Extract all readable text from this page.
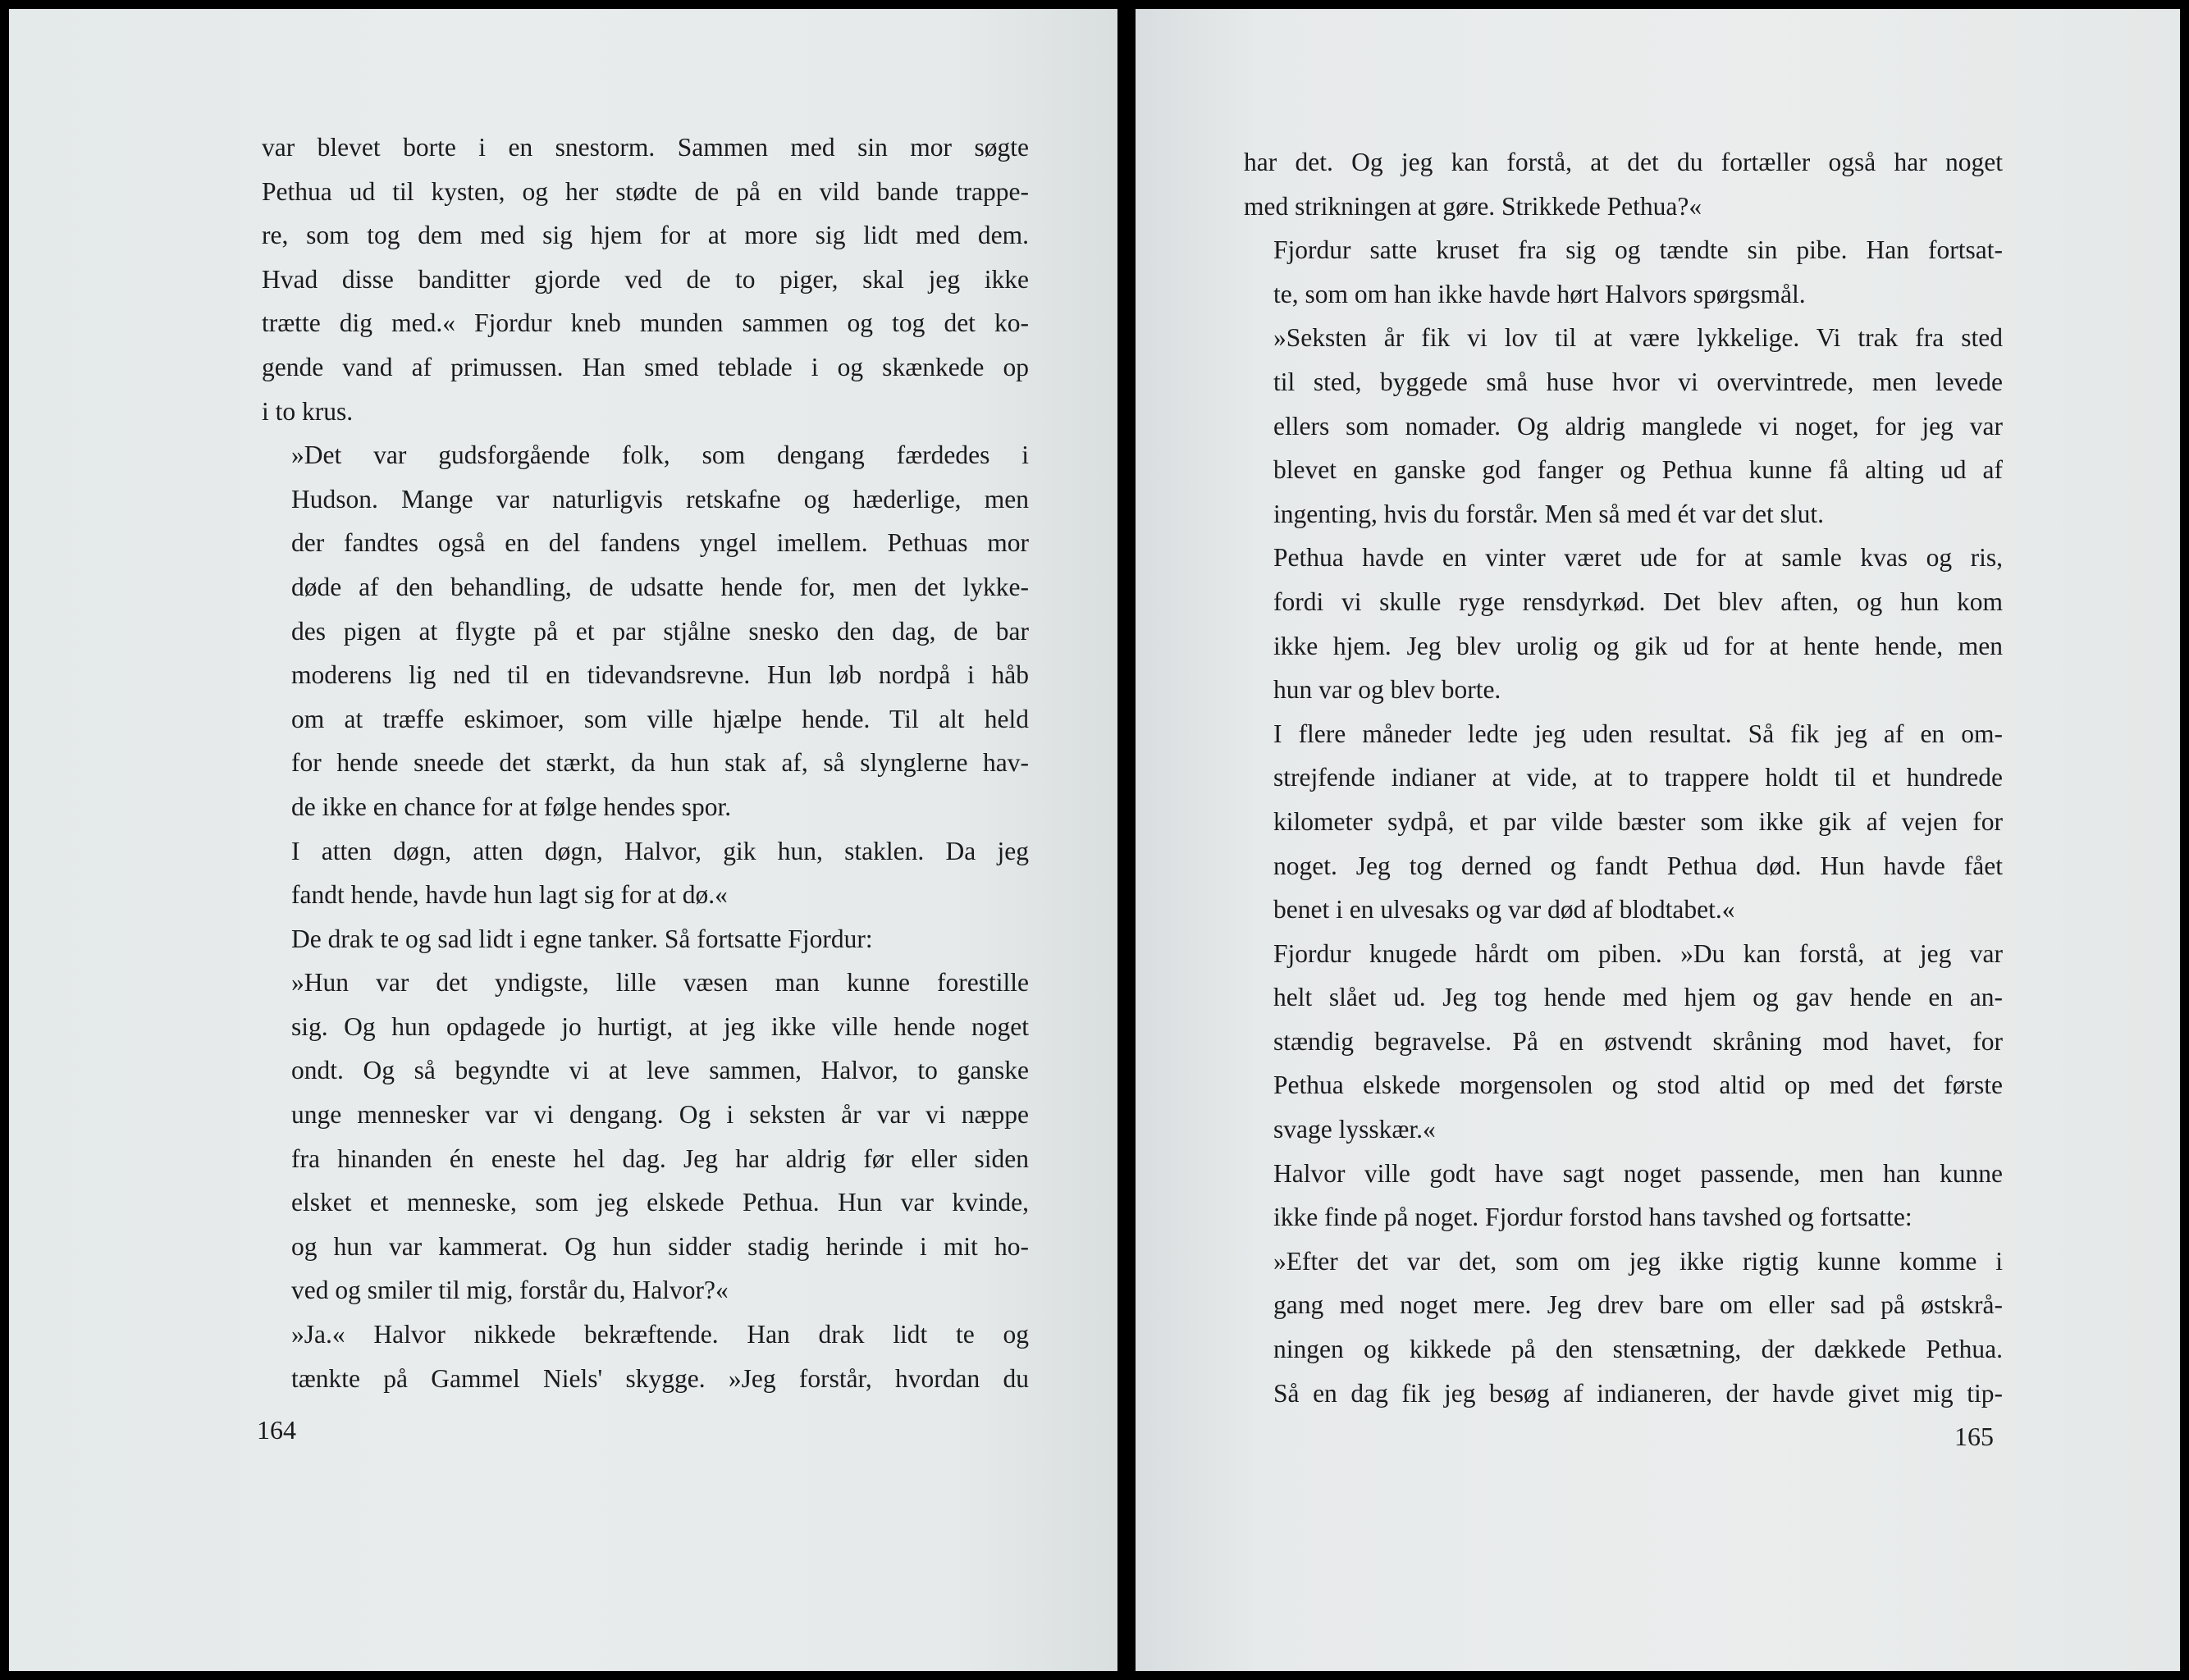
var blevet borte i en snestorm. Sammen med sin mor søgte
Pethua ud til kysten, og her stødte de på en vild bande trappe-
re, som tog dem med sig hjem for at more sig lidt med dem.
Hvad disse banditter gjorde ved de to piger, skal jeg ikke
trætte dig med.« Fjordur kneb munden sammen og tog det ko-
gende vand af primussen. Han smed teblade i og skænkede op
i to krus.

»Det var gudsforgående folk, som dengang færdedes i
Hudson. Mange var naturligvis retskafne og hæderlige, men
der fandtes også en del fandens yngel imellem. Pethuas mor
døde af den behandling, de udsatte hende for, men det lykke-
des pigen at flygte på et par stjålne snesko den dag, de bar
moderens lig ned til en tidevandsrevne. Hun løb nordpå i håb
om at træffe eskimoer, som ville hjælpe hende. Til alt held
for hende sneede det stærkt, da hun stak af, så slynglerne hav-
de ikke en chance for at følge hendes spor.

I atten døgn, atten døgn, Halvor, gik hun, staklen. Da jeg
fandt hende, havde hun lagt sig for at dø.«

De drak te og sad lidt i egne tanker. Så fortsatte Fjordur:

»Hun var det yndigste, lille væsen man kunne forestille
sig. Og hun opdagede jo hurtigt, at jeg ikke ville hende noget
ondt. Og så begyndte vi at leve sammen, Halvor, to ganske
unge mennesker var vi dengang. Og i seksten år var vi næppe
fra hinanden én eneste hel dag. Jeg har aldrig før eller siden
elsket et menneske, som jeg elskede Pethua. Hun var kvinde,
og hun var kammerat. Og hun sidder stadig herinde i mit ho-
ved og smiler til mig, forstår du, Halvor?«

»Ja.« Halvor nikkede bekræftende. Han drak lidt te og
tænkte på Gammel Niels' skygge. »Jeg forstår, hvordan du

164

har det. Og jeg kan forstå, at det du fortæller også har noget
med strikningen at gøre. Strikkede Pethua?«

Fjordur satte kruset fra sig og tændte sin pibe. Han fortsat-
te, som om han ikke havde hørt Halvors spørgsmål.

»Seksten år fik vi lov til at være lykkelige. Vi trak fra sted
til sted, byggede små huse hvor vi overvintrede, men levede
ellers som nomader. Og aldrig manglede vi noget, for jeg var
blevet en ganske god fanger og Pethua kunne få alting ud af
ingenting, hvis du forstår. Men så med ét var det slut.

Pethua havde en vinter været ude for at samle kvas og ris,
fordi vi skulle ryge rensdyrkød. Det blev aften, og hun kom
ikke hjem. Jeg blev urolig og gik ud for at hente hende, men
hun var og blev borte.

I flere måneder ledte jeg uden resultat. Så fik jeg af en om-
strejfende indianer at vide, at to trappere holdt til et hundrede
kilometer sydpå, et par vilde bæster som ikke gik af vejen for
noget. Jeg tog derned og fandt Pethua død. Hun havde fået
benet i en ulvesaks og var død af blodtabet.«

Fjordur knugede hårdt om piben. »Du kan forstå, at jeg var
helt slået ud. Jeg tog hende med hjem og gav hende en an-
stændig begravelse. På en østvendt skråning mod havet, for
Pethua elskede morgensolen og stod altid op med det første
svage lysskær.«

Halvor ville godt have sagt noget passende, men han kunne
ikke finde på noget. Fjordur forstod hans tavshed og fortsatte:

»Efter det var det, som om jeg ikke rigtig kunne komme i
gang med noget mere. Jeg drev bare om eller sad på østskrå-
ningen og kikkede på den stensætning, der dækkede Pethua.
Så en dag fik jeg besøg af indianeren, der havde givet mig tip-

165
